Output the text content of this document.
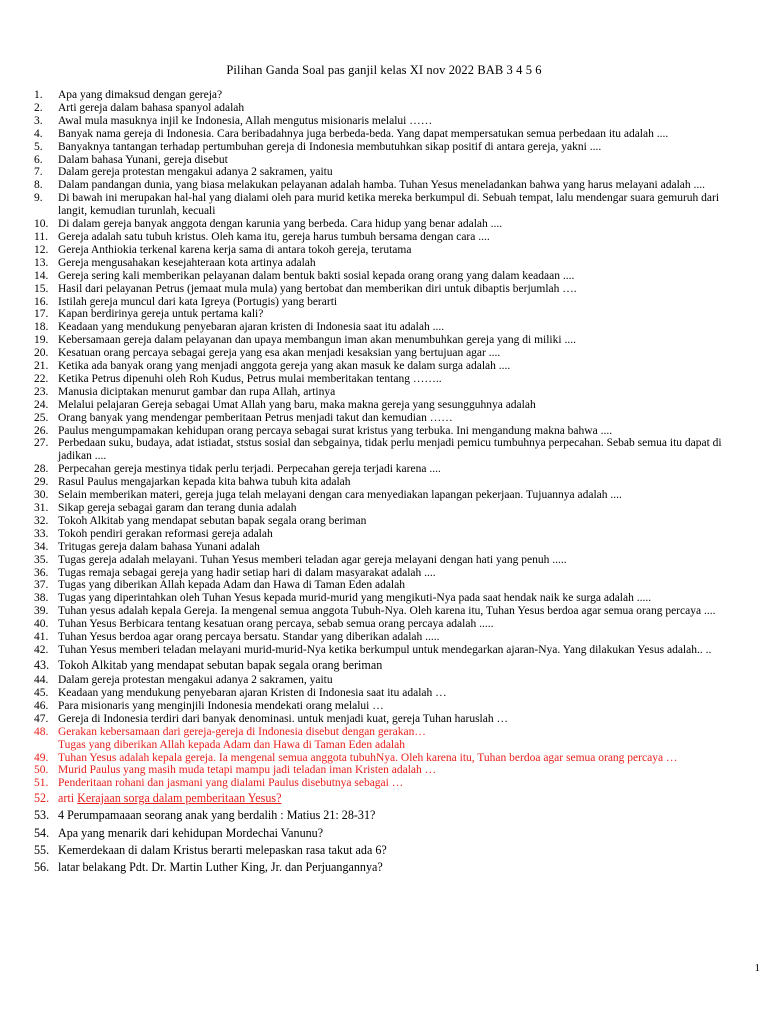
Pilihan Ganda Soal pas ganjil kelas XI nov 2022 BAB 3 4 5 6
1. Apa yang dimaksud dengan gereja?
2. Arti gereja dalam bahasa spanyol adalah
3. Awal mula masuknya injil ke Indonesia, Allah mengutus misionaris melalui ……
4. Banyak nama gereja di Indonesia. Cara beribadahnya juga berbeda-beda. Yang dapat mempersatukan semua perbedaan itu adalah ....
5. Banyaknya tantangan terhadap pertumbuhan gereja di Indonesia membutuhkan sikap positif di antara gereja, yakni ....
6. Dalam bahasa Yunani, gereja disebut
7. Dalam gereja protestan mengakui adanya 2 sakramen, yaitu
8. Dalam pandangan dunia, yang biasa melakukan pelayanan adalah hamba. Tuhan Yesus meneladankan bahwa yang harus melayani adalah ....
9. Di bawah ini merupakan hal-hal yang dialami oleh para murid ketika mereka berkumpul di. Sebuah tempat, lalu mendengar suara gemuruh dari langit, kemudian turunlah, kecuali
10. Di dalam gereja banyak anggota dengan karunia yang berbeda. Cara hidup yang benar adalah ....
11. Gereja adalah satu tubuh kristus. Oleh kama itu, gereja harus tumbuh bersama dengan cara ....
12. Gereja Anthiokia terkenal karena kerja sama di antara tokoh gereja, terutama
13. Gereja mengusahakan kesejahteraan kota artinya adalah
14. Gereja sering kali memberikan pelayanan dalam bentuk bakti sosial kepada orang orang yang dalam keadaan ....
15. Hasil dari pelayanan Petrus (jemaat mula mula) yang bertobat dan memberikan diri untuk dibaptis berjumlah ….
16. Istilah gereja muncul dari kata Igreya (Portugis) yang berarti
17. Kapan berdirinya gereja untuk pertama kali?
18. Keadaan yang mendukung penyebaran ajaran kristen di Indonesia saat itu adalah ....
19. Kebersamaan gereja dalam pelayanan dan upaya membangun iman akan menumbuhkan gereja yang di miliki ....
20. Kesatuan orang percaya sebagai gereja yang esa akan menjadi kesaksian yang bertujuan agar ....
21. Ketika ada banyak orang yang menjadi anggota gereja yang akan masuk ke dalam surga adalah ....
22. Ketika Petrus dipenuhi oleh Roh Kudus, Petrus mulai memberitakan tentang ……..
23. Manusia diciptakan menurut gambar dan rupa Allah, artinya
24. Melalui pelajaran Gereja sebagai Umat Allah yang baru, maka makna gereja yang sesungguhnya adalah
25. Orang banyak yang mendengar pemberitaan Petrus menjadi takut dan kemudian ……
26. Paulus mengumpamakan kehidupan orang percaya sebagai surat kristus yang terbuka. Ini mengandung makna bahwa ....
27. Perbedaan suku, budaya, adat istiadat, ststus sosial dan sebgainya, tidak perlu menjadi pemicu tumbuhnya perpecahan. Sebab semua itu dapat di jadikan ....
28. Perpecahan gereja mestinya tidak perlu terjadi. Perpecahan gereja terjadi karena ....
29. Rasul Paulus mengajarkan kepada kita bahwa tubuh kita adalah
30. Selain memberikan materi, gereja juga telah melayani dengan cara menyediakan lapangan pekerjaan. Tujuannya adalah ....
31. Sikap gereja sebagai garam dan terang dunia adalah
32. Tokoh Alkitab yang mendapat sebutan bapak segala orang beriman
33. Tokoh pendiri gerakan reformasi gereja adalah
34. Tritugas gereja dalam bahasa Yunani adalah
35. Tugas gereja adalah melayani. Tuhan Yesus memberi teladan agar gereja melayani dengan hati yang penuh .....
36. Tugas remaja sebagai gereja yang hadir setiap hari di dalam masyarakat adalah ....
37. Tugas yang diberikan Allah kepada Adam dan Hawa di Taman Eden adalah
38. Tugas yang diperintahkan oleh Tuhan Yesus kepada murid-murid yang mengikuti-Nya pada saat hendak naik ke surga adalah .....
39. Tuhan yesus adalah kepala Gereja. Ia mengenal semua anggota Tubuh-Nya. Oleh karena itu, Tuhan Yesus berdoa agar semua orang percaya ....
40. Tuhan Yesus Berbicara tentang kesatuan orang percaya, sebab semua orang percaya adalah .....
41. Tuhan Yesus berdoa agar orang percaya bersatu. Standar yang diberikan adalah .....
42. Tuhan Yesus memberi teladan melayani murid-murid-Nya ketika berkumpul untuk mendegarkan ajaran-Nya. Yang dilakukan Yesus adalah.. ..
43. Tokoh Alkitab yang mendapat sebutan bapak segala orang beriman
44. Dalam gereja protestan mengakui adanya 2 sakramen, yaitu
45. Keadaan yang mendukung penyebaran ajaran Kristen di Indonesia saat itu adalah …
46. Para misionaris yang menginjili Indonesia mendekati orang melalui …
47. Gereja di Indonesia terdiri dari banyak denominasi. untuk menjadi kuat, gereja Tuhan haruslah …
48. Gerakan kebersamaan dari gereja-gereja di Indonesia disebut dengan gerakan…
Tugas yang diberikan Allah kepada Adam dan Hawa di Taman Eden adalah
49. Tuhan Yesus adalah kepala gereja. Ia mengenal semua anggota tubuhNya. Oleh karena itu, Tuhan berdoa agar semua orang percaya …
50. Murid Paulus yang masih muda tetapi mampu jadi teladan iman Kristen adalah …
51. Penderitaan rohani dan jasmani yang dialami Paulus disebutnya sebagai …
52. arti Kerajaan sorga dalam pemberitaan Yesus?
53. 4 Perumpamaaan seorang anak yang berdalih : Matius 21: 28-31?
54. Apa yang menarik dari kehidupan Mordechai Vanunu?
55. Kemerdekaan di dalam Kristus berarti melepaskan rasa takut ada 6?
56. latar belakang Pdt. Dr. Martin Luther King, Jr. dan Perjuangannya?
1
